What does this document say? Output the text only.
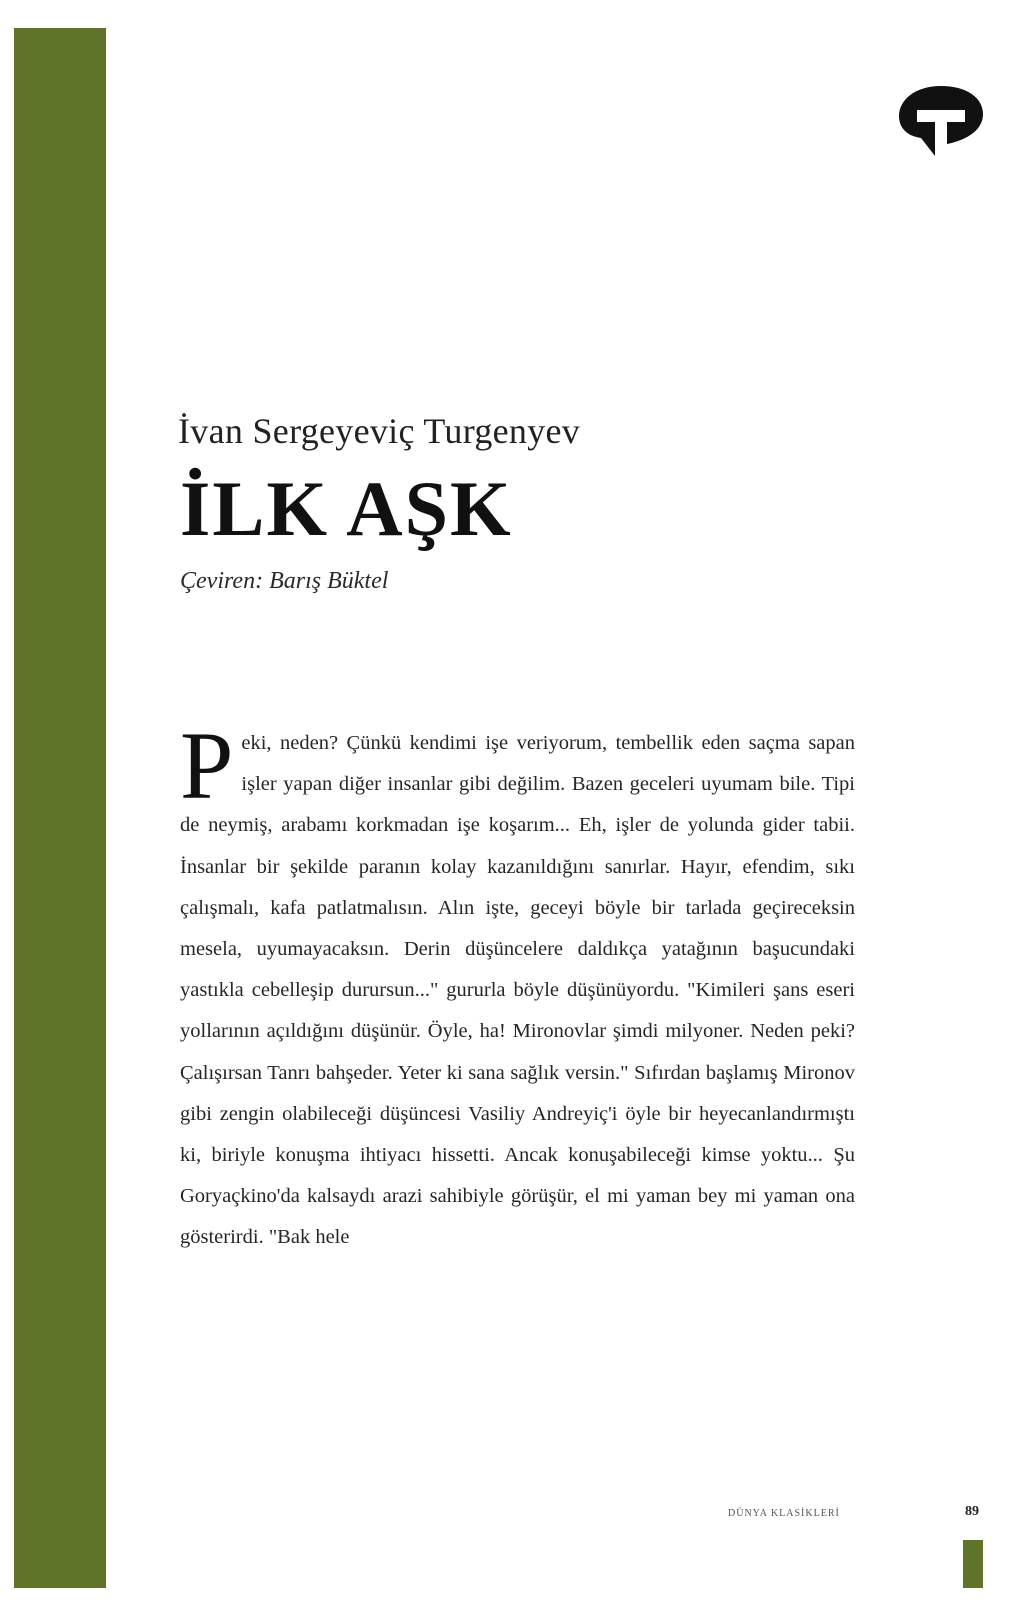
İvan Sergeyeviç Turgenyev
İLK AŞK
Çeviren: Barış Büktel
P eki, neden? Çünkü kendimi işe veriyorum, tembellik eden saçma sapan işler yapan diğer insanlar gibi değilim. Bazen geceleri uyumam bile. Tipi de neymiş, arabamı korkmadan işe koşarım... Eh, işler de yolunda gider tabii. İnsanlar bir şekilde paranın kolay kazanıldığını sanırlar. Hayır, efendim, sıkı çalışmalı, kafa patlatmalısın. Alın işte, geceyi böyle bir tarlada geçireceksin mesela, uyumayacaksın. Derin düşüncelere daldıkça yatağının başucundaki yastıkla cebelleşip durursun..." gururla böyle düşünüyordu. "Kimileri şans eseri yollarının açıldığını düşünür. Öyle, ha! Mironovlar şimdi milyoner. Neden peki? Çalışırsan Tanrı bahşeder. Yeter ki sana sağlık versin." Sıfırdan başlamış Mironov gibi zengin olabileceği düşüncesi Vasiliy Andreyiç'i öyle bir heyecanlandırmıştı ki, biriyle konuşma ihtiyacı hissetti. Ancak konuşabileceği kimse yoktu... Şu Goryaçkino'da kalsaydı arazi sahibiyle görüşür, el mi yaman bey mi yaman ona gösterirdi. "Bak hele
DÜNYA KLASİKLERİ	89
